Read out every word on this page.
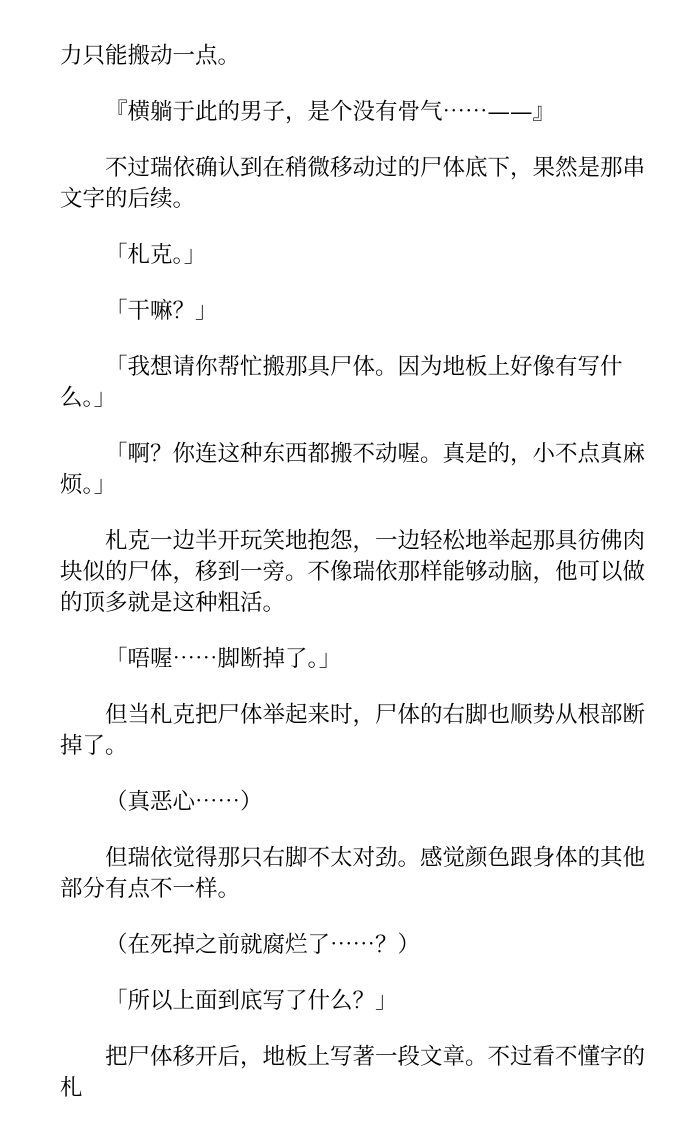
力只能搬动一点。

『横躺于此的男子，是个没有骨气⋯⋯——』

不过瑞依确认到在稍微移动过的尸体底下，果然是那串文字的后续。

「札克。」

「干嘛？」

「我想请你帮忙搬那具尸体。因为地板上好像有写什么。」

「啊？你连这种东西都搬不动喔。真是的，小不点真麻烦。」

札克一边半开玩笑地抱怨，一边轻松地举起那具彷佛肉块似的尸体，移到一旁。不像瑞依那样能够动脑，他可以做的顶多就是这种粗活。

「唔喔⋯⋯脚断掉了。」

但当札克把尸体举起来时，尸体的右脚也顺势从根部断掉了。

（真恶心⋯⋯）

但瑞依觉得那只右脚不太对劲。感觉颜色跟身体的其他部分有点不一样。

（在死掉之前就腐烂了⋯⋯？）

「所以上面到底写了什么？」

把尸体移开后，地板上写著一段文章。不过看不懂字的札
